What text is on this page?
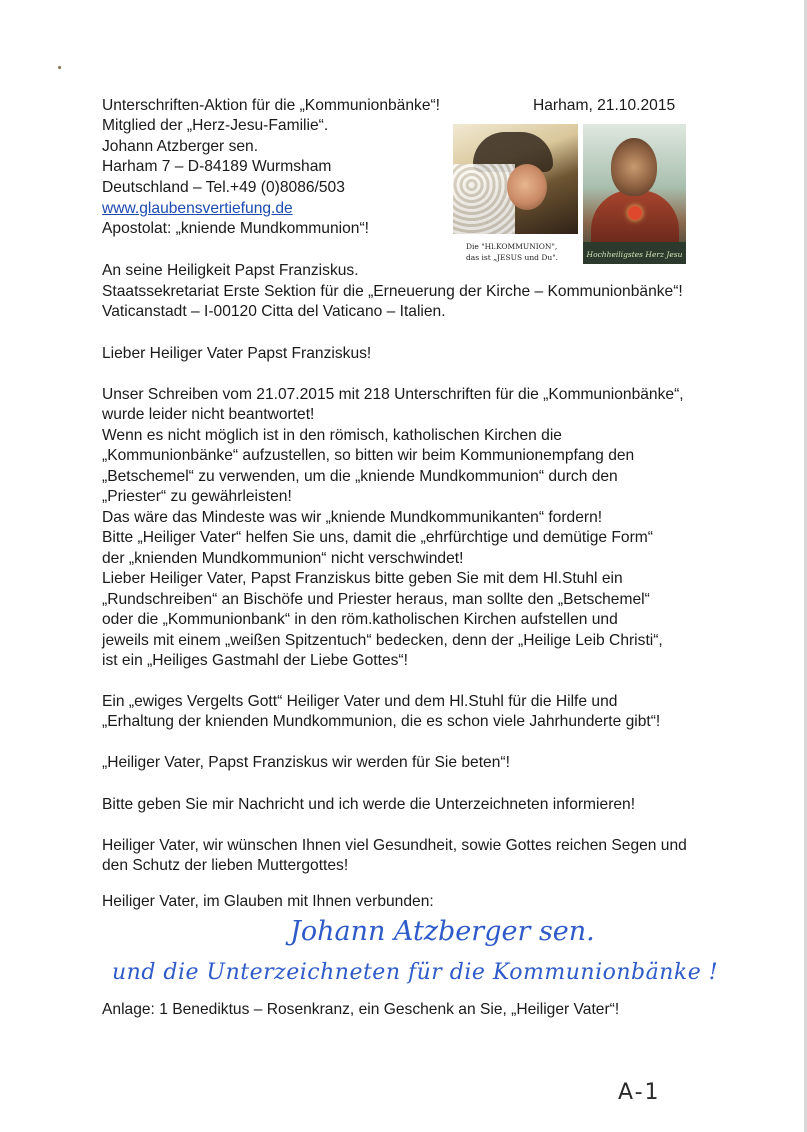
Unterschriften-Aktion für die „Kommunionbänke“!	Harham, 21.10.2015
Mitglied der „Herz-Jesu-Familie“.
Johann Atzberger sen.
Harham 7 – D-84189 Wurmsham
Deutschland – Tel.+49 (0)8086/503
www.glaubensvertiefung.de
Apostolat: „kniende Mundkommunion“!
Die "Hl.KOMMUNION",
das ist „JESUS und Du".	Hochheiligstes Herz Jesu
An seine Heiligkeit Papst Franziskus.
Staatssekretariat Erste Sektion für die „Erneuerung der Kirche – Kommunionbänke“!
Vaticanstadt – I-00120 Citta del Vaticano – Italien.
Lieber Heiliger Vater Papst Franziskus!
Unser Schreiben vom 21.07.2015 mit 218 Unterschriften für die „Kommunionbänke“,
wurde leider nicht beantwortet!
Wenn es nicht möglich ist in den römisch, katholischen Kirchen die
„Kommunionbänke“ aufzustellen, so bitten wir beim Kommunionempfang den
„Betschemel“ zu verwenden, um die „kniende Mundkommunion“ durch den
„Priester“ zu gewährleisten!
Das wäre das Mindeste was wir „kniende Mundkommunikanten“ fordern!
Bitte „Heiliger Vater“ helfen Sie uns, damit die „ehrfürchtige und demütige Form“
der „knienden Mundkommunion“ nicht verschwindet!
Lieber Heiliger Vater, Papst Franziskus bitte geben Sie mit dem Hl.Stuhl ein
„Rundschreiben“ an Bischöfe und Priester heraus, man sollte den „Betschemel“
oder die „Kommunionbank“ in den röm.katholischen Kirchen aufstellen und
jeweils mit einem „weißen Spitzentuch“ bedecken, denn der „Heilige Leib Christi“,
ist ein „Heiliges Gastmahl der Liebe Gottes“!
Ein „ewiges Vergelts Gott“ Heiliger Vater und dem Hl.Stuhl für die Hilfe und
„Erhaltung der knienden Mundkommunion, die es schon viele Jahrhunderte gibt“!
„Heiliger Vater, Papst Franziskus wir werden für Sie beten“!
Bitte geben Sie mir Nachricht und ich werde die Unterzeichneten informieren!
Heiliger Vater, wir wünschen Ihnen viel Gesundheit, sowie Gottes reichen Segen und
den Schutz der lieben Muttergottes!
Heiliger Vater, im Glauben mit Ihnen verbunden:
Johann Atzberger sen.
und die Unterzeichneten für die Kommunionbänke !
Anlage: 1 Benediktus – Rosenkranz, ein Geschenk an Sie, „Heiliger Vater“!
A-1
